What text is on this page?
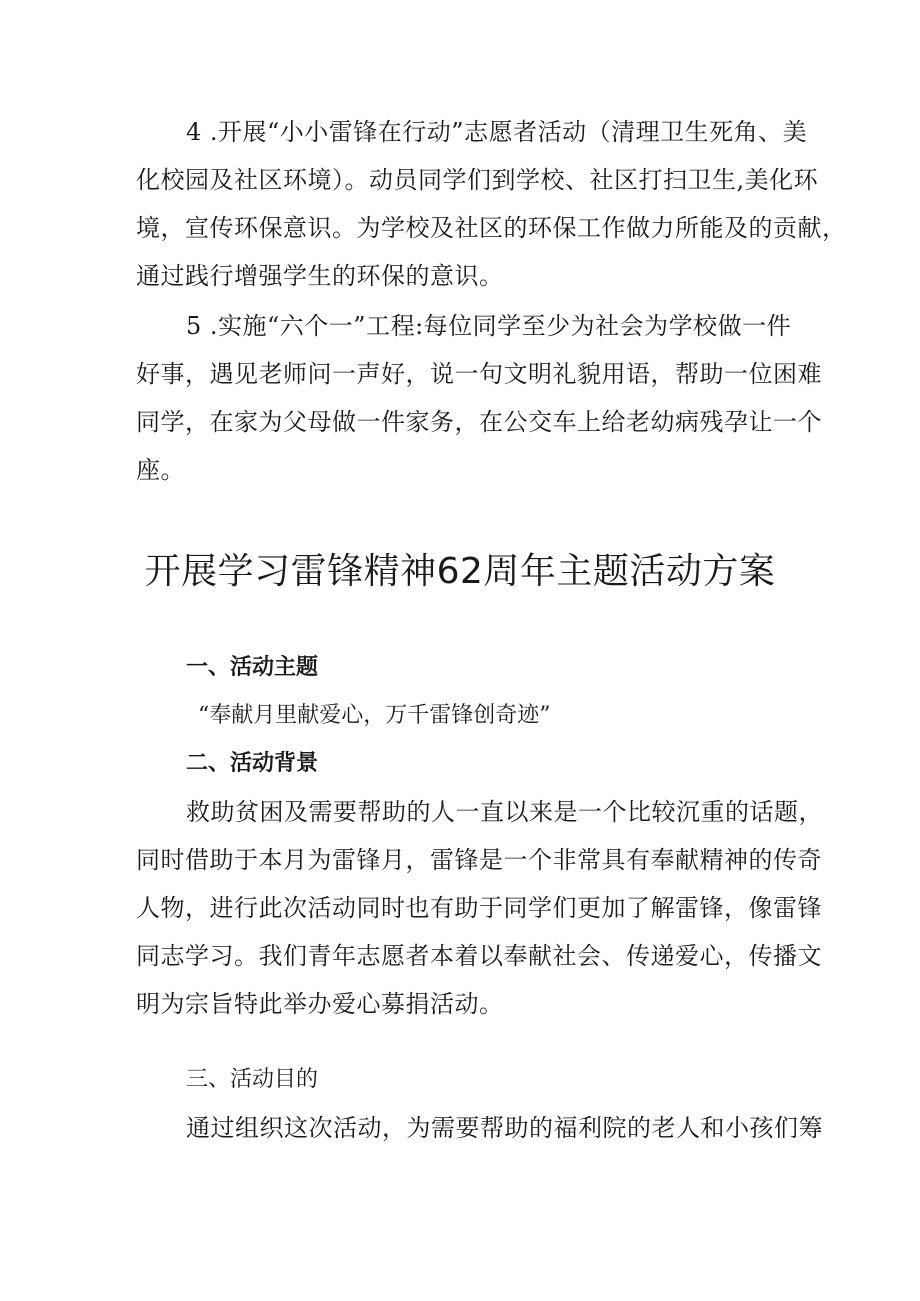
4 .开展“小小雷锋在行动”志愿者活动（清理卫生死角、美
化校园及社区环境）。动员同学们到学校、社区打扫卫生,美化环
境，宣传环保意识。为学校及社区的环保工作做力所能及的贡献，
通过践行增强学生的环保的意识。
5 .实施“六个一”工程:每位同学至少为社会为学校做一件
好事，遇见老师问一声好，说一句文明礼貌用语，帮助一位困难
同学，在家为父母做一件家务，在公交车上给老幼病残孕让一个
座。
开展学习雷锋精神62周年主题活动方案
一、活动主题
“奉献月里献爱心，万千雷锋创奇迹”
二、活动背景
救助贫困及需要帮助的人一直以来是一个比较沉重的话题，
同时借助于本月为雷锋月，雷锋是一个非常具有奉献精神的传奇
人物，进行此次活动同时也有助于同学们更加了解雷锋，像雷锋
同志学习。我们青年志愿者本着以奉献社会、传递爱心，传播文
明为宗旨特此举办爱心募捐活动。
三、活动目的
通过组织这次活动，为需要帮助的福利院的老人和小孩们筹
